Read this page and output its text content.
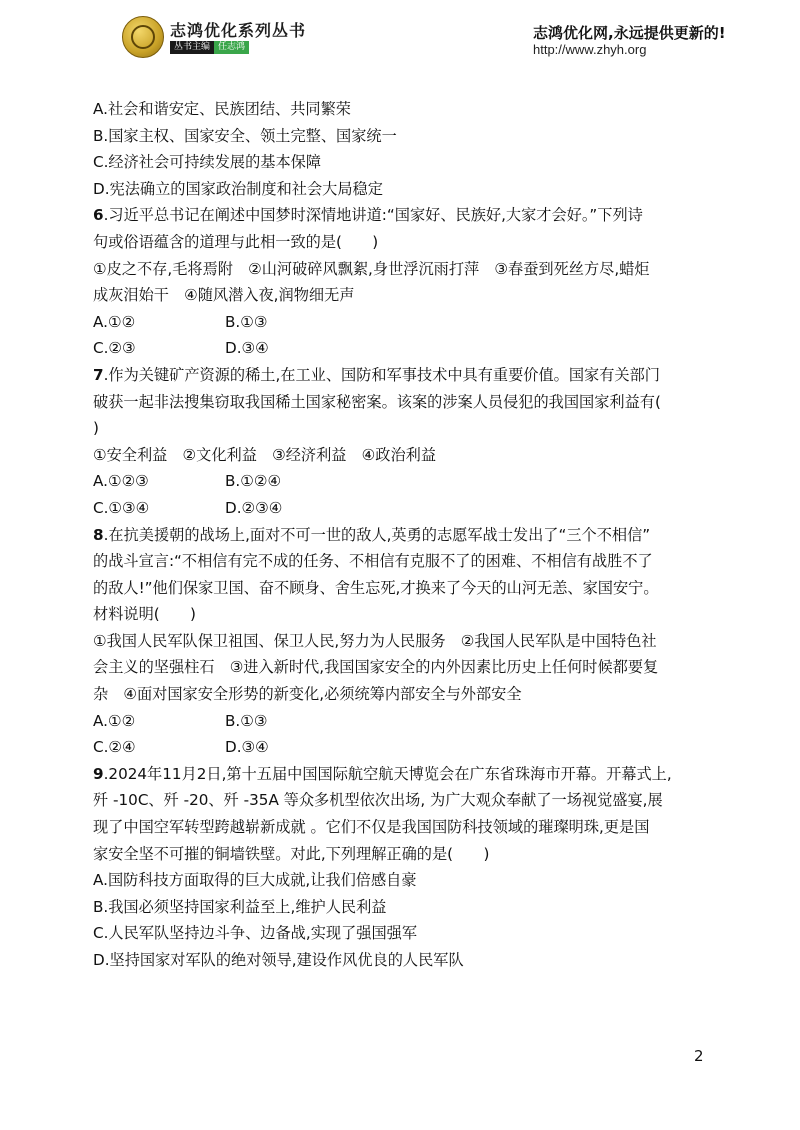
志鸿优化系列丛书
丛书主编 任志鸿
志鸿优化网,永远提供更新的!
http://www.zhyh.org
A.社会和谐安定、民族团结、共同繁荣
B.国家主权、国家安全、领土完整、国家统一
C.经济社会可持续发展的基本保障
D.宪法确立的国家政治制度和社会大局稳定
6.习近平总书记在阐述中国梦时深情地讲道:“国家好、民族好,大家才会好。”下列诗
句或俗语蕴含的道理与此相一致的是(　　)
①皮之不存,毛将焉附　②山河破碎风飘絮,身世浮沉雨打萍　③春蚕到死丝方尽,蜡炬
成灰泪始干　④随风潜入夜,润物细无声
A.①②	B.①③
C.②③	D.③④
7.作为关键矿产资源的稀土,在工业、国防和军事技术中具有重要价值。国家有关部门
破获一起非法搜集窃取我国稀土国家秘密案。该案的涉案人员侵犯的我国国家利益有(
)
①安全利益　②文化利益　③经济利益　④政治利益
A.①②③	B.①②④
C.①③④	D.②③④
8.在抗美援朝的战场上,面对不可一世的敌人,英勇的志愿军战士发出了“三个不相信”
的战斗宣言:“不相信有完不成的任务、不相信有克服不了的困难、不相信有战胜不了
的敌人!”他们保家卫国、奋不顾身、舍生忘死,才换来了今天的山河无恙、家国安宁。
材料说明(　　)
①我国人民军队保卫祖国、保卫人民,努力为人民服务　②我国人民军队是中国特色社
会主义的坚强柱石　③进入新时代,我国国家安全的内外因素比历史上任何时候都要复
杂　④面对国家安全形势的新变化,必须统筹内部安全与外部安全
A.①②	B.①③
C.②④	D.③④
9.2024年11月2日,第十五届中国国际航空航天博览会在广东省珠海市开幕。开幕式上,
歼 -10C、歼 -20、歼 -35A 等众多机型依次出场, 为广大观众奉献了一场视觉盛宴,展
现了中国空军转型跨越崭新成就 。它们不仅是我国国防科技领域的璀璨明珠,更是国
家安全坚不可摧的铜墙铁壁。对此,下列理解正确的是(　　)
A.国防科技方面取得的巨大成就,让我们倍感自豪
B.我国必须坚持国家利益至上,维护人民利益
C.人民军队坚持边斗争、边备战,实现了强国强军
D.坚持国家对军队的绝对领导,建设作风优良的人民军队
2
